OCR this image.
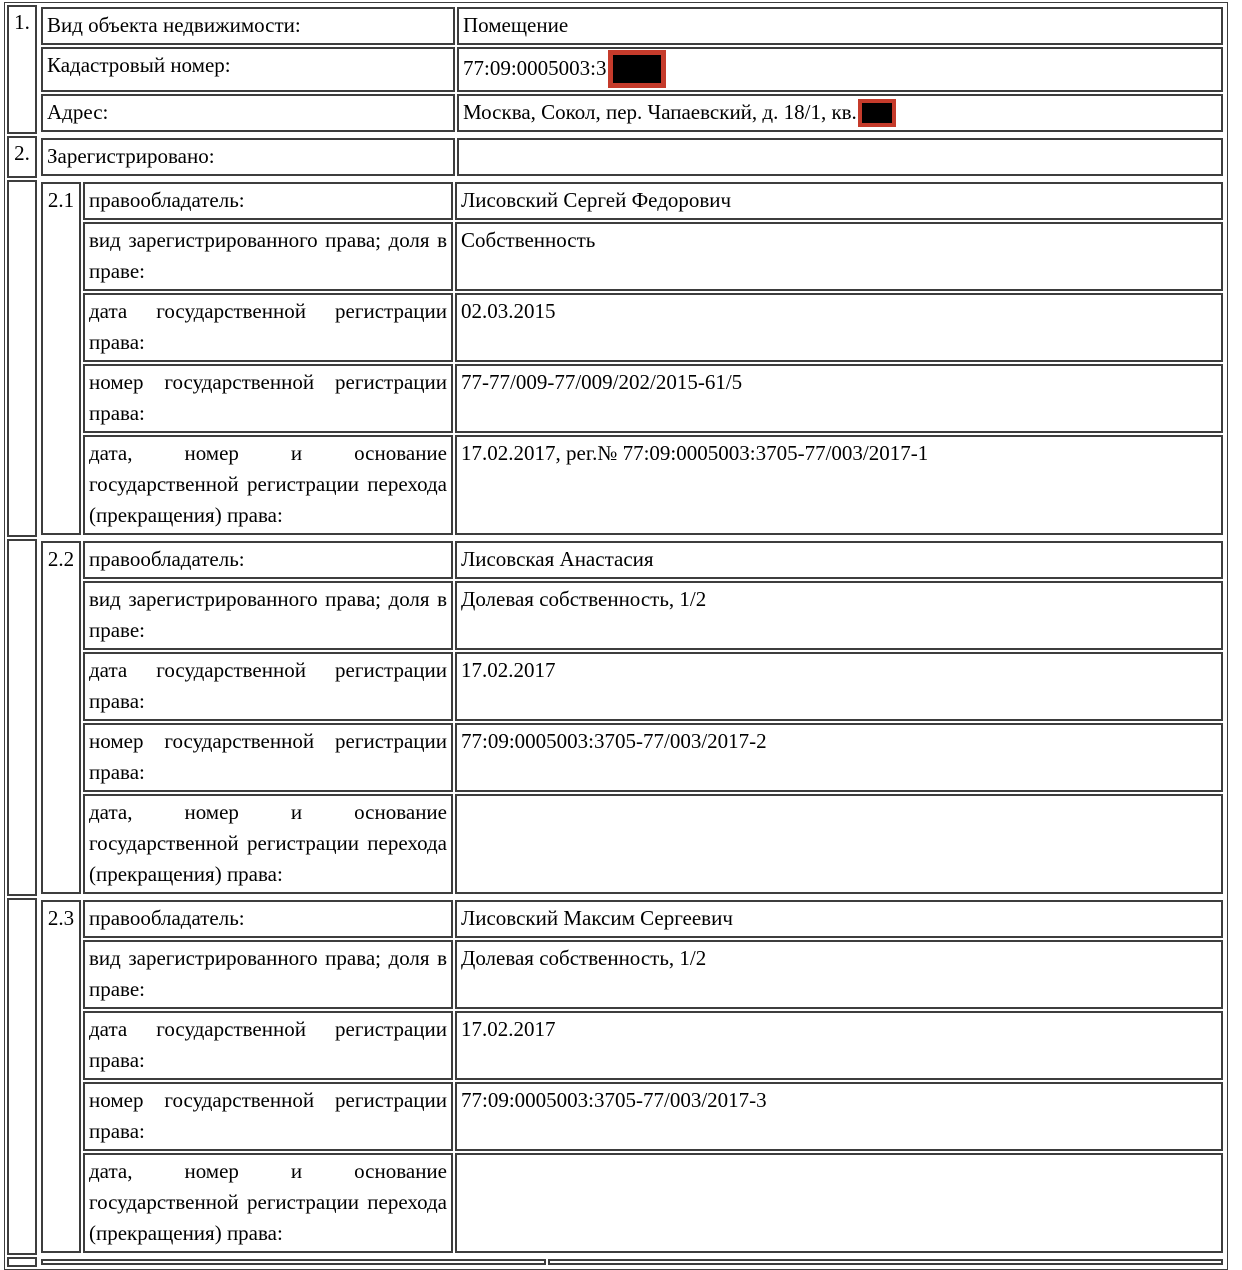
1.	Вид объекта недвижимости:	Помещение
Кадастровый номер:	77:09:0005003:3
Адрес:	Москва, Сокол, пер. Чапаевский, д. 18/1, кв.

2.	Зарегистрировано:	

2.1	правообладатель:	Лисовский Сергей Федорович
вид зарегистрированного права; доля в праве:	Собственность
дата государственной регистрации права:	02.03.2015
номер государственной регистрации права:	77-77/009-77/009/202/2015-61/5
дата, номер и основание государственной регистрации перехода (прекращения) права:	17.02.2017, рег.№ 77:09:0005003:3705-77/003/2017-1

2.2	правообладатель:	Лисовская Анастасия
вид зарегистрированного права; доля в праве:	Долевая собственность, 1/2
дата государственной регистрации права:	17.02.2017
номер государственной регистрации права:	77:09:0005003:3705-77/003/2017-2
дата, номер и основание государственной регистрации перехода (прекращения) права:	

2.3	правообладатель:	Лисовский Максим Сергеевич
вид зарегистрированного права; доля в праве:	Долевая собственность, 1/2
дата государственной регистрации права:	17.02.2017
номер государственной регистрации права:	77:09:0005003:3705-77/003/2017-3
дата, номер и основание государственной регистрации перехода (прекращения) права:	
